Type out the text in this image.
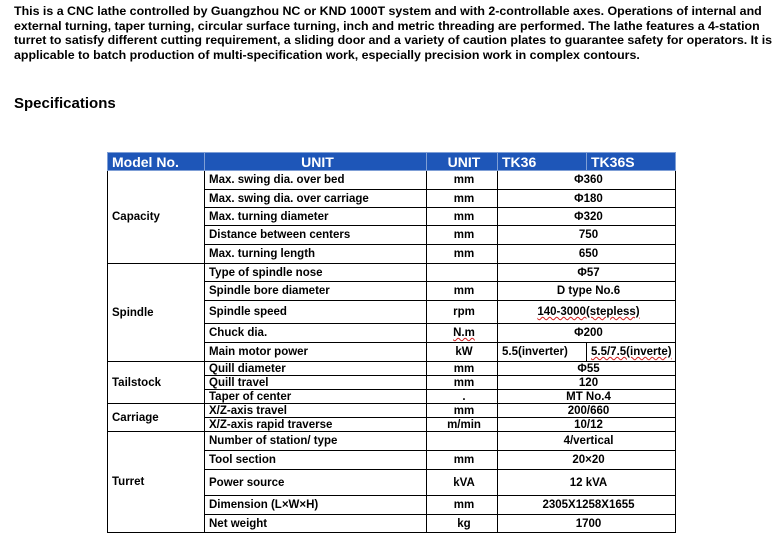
This is a CNC lathe controlled by Guangzhou NC or KND 1000T system and with 2-controllable axes. Operations of internal and external turning, taper turning, circular surface turning, inch and metric threading are performed. The lathe features a 4-station turret to satisfy different cutting requirement, a sliding door and a variety of caution plates to guarantee safety for operators. It is applicable to batch production of multi-specification work, especially precision work in complex contours.

Specifications
Model No.	UNIT	UNIT	TK36	TK36S
Capacity	Max. swing dia. over bed	mm	Φ360	
	Max. swing dia. over carriage	mm	Φ180	
	Max. turning diameter	mm	Φ320	
	Distance between centers	mm	750	
	Max. turning length	mm	650	
Spindle	Type of spindle nose		Φ57	
	Spindle bore diameter	mm	D type No.6	
	Spindle speed	rpm	140-3000(stepless)	
	Chuck dia.	N.m	Φ200	
	Main motor power	kW	5.5(inverter)	5.5/7.5(inverte)
Tailstock	Quill diameter	mm	Φ55	
	Quill travel	mm	120	
	Taper of center	.	MT No.4	
Carriage	X/Z-axis travel	mm	200/660	
	X/Z-axis rapid traverse	m/min	10/12	
Turret	Number of station/ type		4/vertical	
	Tool section	mm	20×20	
	Power source	kVA	12 kVA	
	Dimension (L×W×H)	mm	2305X1258X1655	
	Net weight	kg	1700	
